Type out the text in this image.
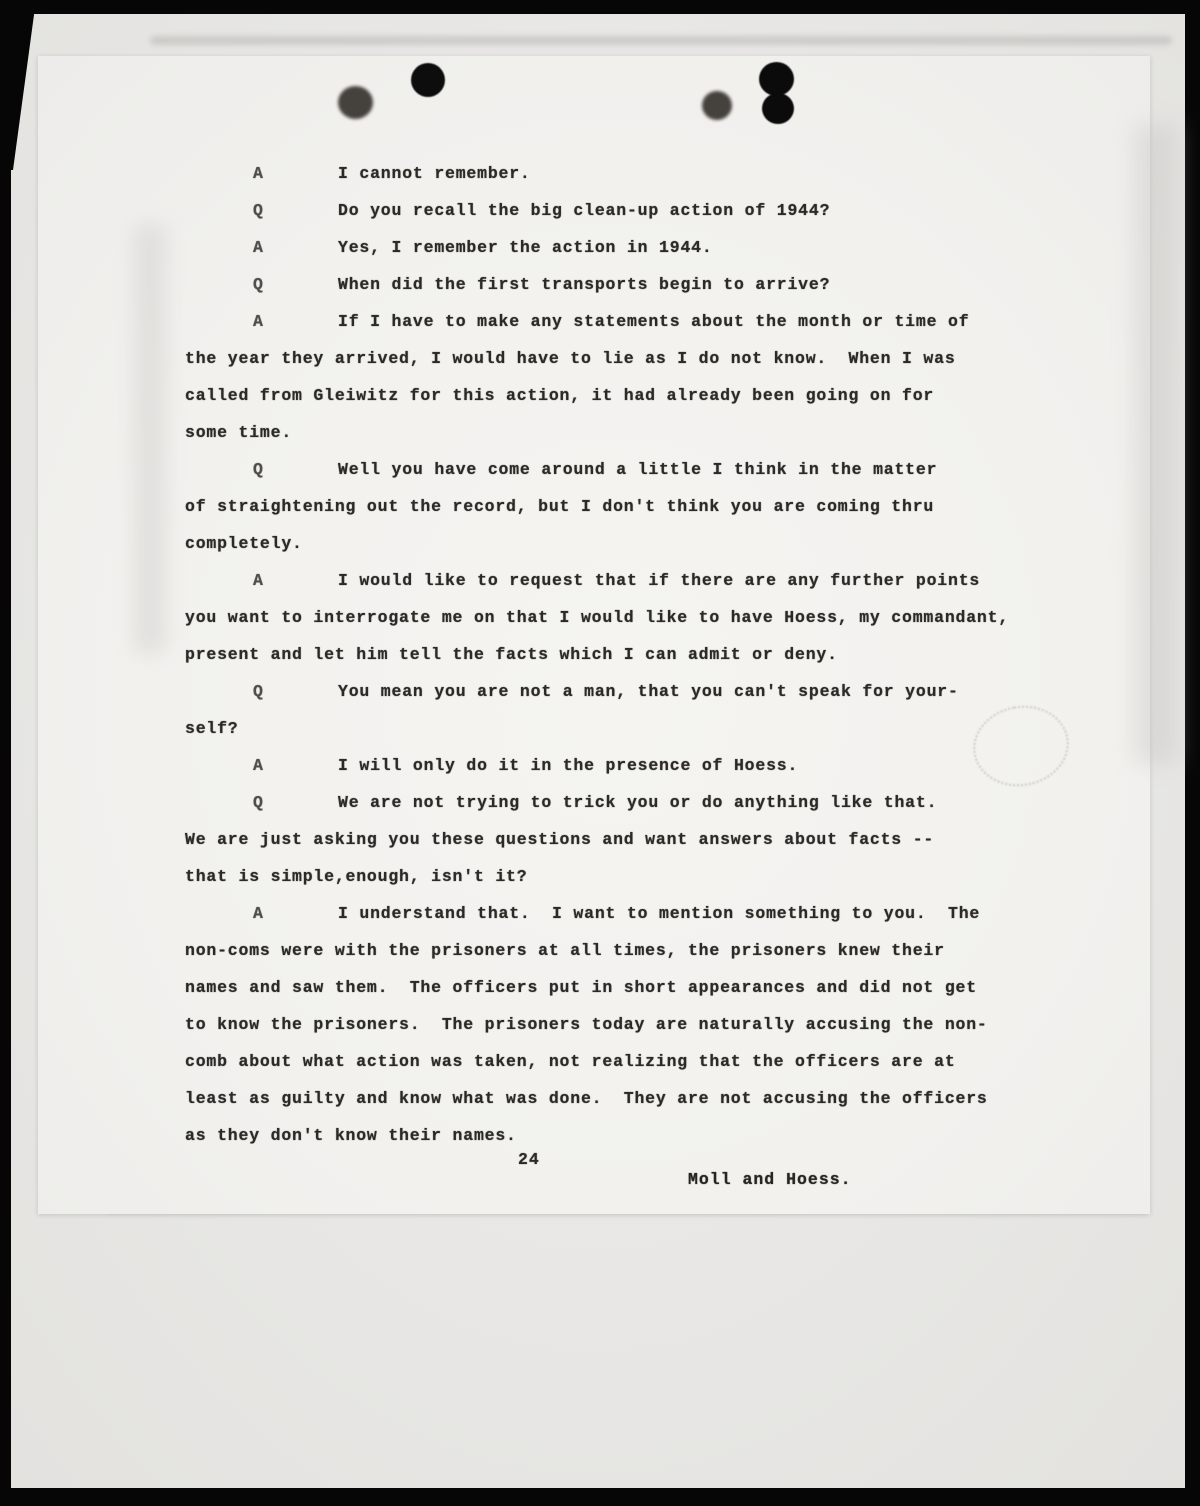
A	I cannot remember.
Q	Do you recall the big clean-up action of 1944?
A	Yes, I remember the action in 1944.
Q	When did the first transports begin to arrive?
A	If I have to make any statements about the month or time of
the year they arrived, I would have to lie as I do not know.  When I was
called from Gleiwitz for this action, it had already been going on for
some time.
Q	Well you have come around a little I think in the matter
of straightening out the record, but I don't think you are coming thru
completely.
A	I would like to request that if there are any further points
you want to interrogate me on that I would like to have Hoess, my commandant,
present and let him tell the facts which I can admit or deny.
Q	You mean you are not a man, that you can't speak for your-
self?
A	I will only do it in the presence of Hoess.
Q	We are not trying to trick you or do anything like that.
We are just asking you these questions and want answers about facts --
that is simple,enough, isn't it?
A	I understand that.  I want to mention something to you.  The
non-coms were with the prisoners at all times, the prisoners knew their
names and saw them.  The officers put in short appearances and did not get
to know the prisoners.  The prisoners today are naturally accusing the non-
comb about what action was taken, not realizing that the officers are at
least as guilty and know what was done.  They are not accusing the officers
as they don't know their names.
24
Moll and Hoess.
